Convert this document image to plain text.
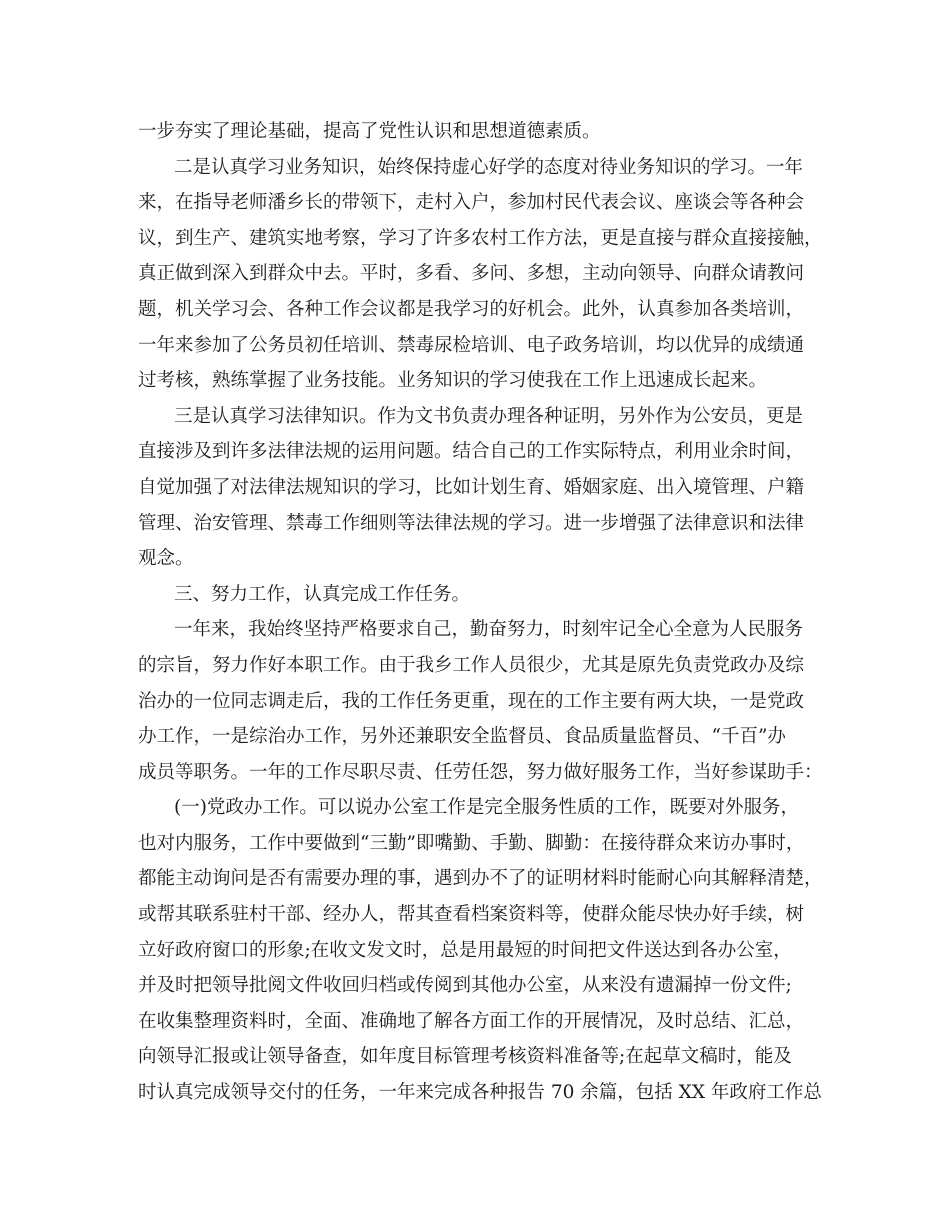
一步夯实了理论基础，提高了党性认识和思想道德素质。
二是认真学习业务知识，始终保持虚心好学的态度对待业务知识的学习。一年
来，在指导老师潘乡长的带领下，走村入户，参加村民代表会议、座谈会等各种会
议，到生产、建筑实地考察，学习了许多农村工作方法，更是直接与群众直接接触，
真正做到深入到群众中去。平时，多看、多问、多想，主动向领导、向群众请教问
题，机关学习会、各种工作会议都是我学习的好机会。此外，认真参加各类培训，
一年来参加了公务员初任培训、禁毒尿检培训、电子政务培训，均以优异的成绩通
过考核，熟练掌握了业务技能。业务知识的学习使我在工作上迅速成长起来。
三是认真学习法律知识。作为文书负责办理各种证明，另外作为公安员，更是
直接涉及到许多法律法规的运用问题。结合自己的工作实际特点，利用业余时间，
自觉加强了对法律法规知识的学习，比如计划生育、婚姻家庭、出入境管理、户籍
管理、治安管理、禁毒工作细则等法律法规的学习。进一步增强了法律意识和法律
观念。
三、努力工作，认真完成工作任务。
一年来，我始终坚持严格要求自己，勤奋努力，时刻牢记全心全意为人民服务
的宗旨，努力作好本职工作。由于我乡工作人员很少，尤其是原先负责党政办及综
治办的一位同志调走后，我的工作任务更重，现在的工作主要有两大块，一是党政
办工作，一是综治办工作，另外还兼职安全监督员、食品质量监督员、“千百”办
成员等职务。一年的工作尽职尽责、任劳任怨，努力做好服务工作，当好参谋助手：
(一)党政办工作。可以说办公室工作是完全服务性质的工作，既要对外服务，
也对内服务，工作中要做到“三勤”即嘴勤、手勤、脚勤：在接待群众来访办事时，
都能主动询问是否有需要办理的事，遇到办不了的证明材料时能耐心向其解释清楚，
或帮其联系驻村干部、经办人，帮其查看档案资料等，使群众能尽快办好手续，树
立好政府窗口的形象;在收文发文时，总是用最短的时间把文件送达到各办公室，
并及时把领导批阅文件收回归档或传阅到其他办公室，从来没有遗漏掉一份文件;
在收集整理资料时，全面、准确地了解各方面工作的开展情况，及时总结、汇总，
向领导汇报或让领导备查，如年度目标管理考核资料准备等;在起草文稿时，能及
时认真完成领导交付的任务，一年来完成各种报告 70 余篇，包括 XX 年政府工作总
